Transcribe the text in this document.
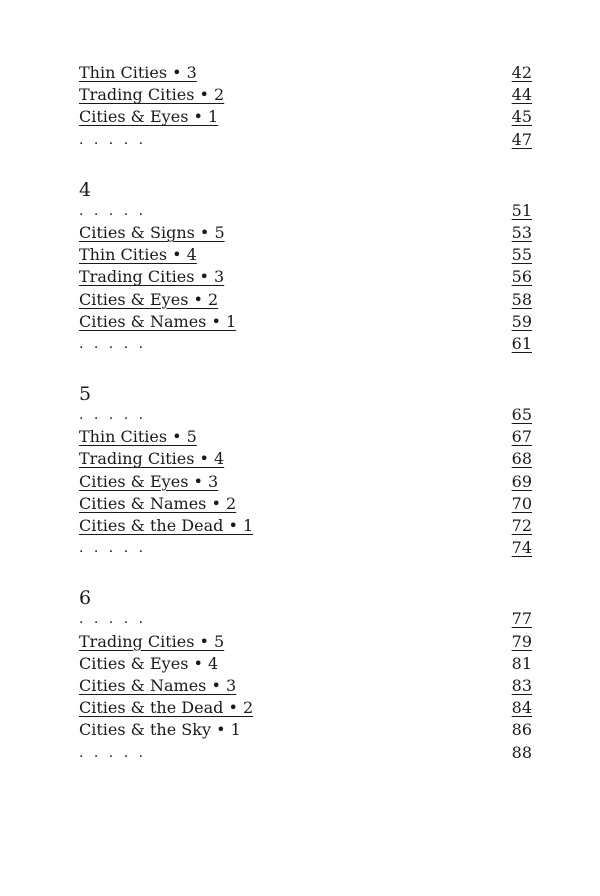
Thin Cities • 3	42
Trading Cities • 2	44
Cities & Eyes • 1	45
. . . . .	47
4
. . . . .	51
Cities & Signs • 5	53
Thin Cities • 4	55
Trading Cities • 3	56
Cities & Eyes • 2	58
Cities & Names • 1	59
. . . . .	61
5
. . . . .	65
Thin Cities • 5	67
Trading Cities • 4	68
Cities & Eyes • 3	69
Cities & Names • 2	70
Cities & the Dead • 1	72
. . . . .	74
6
. . . . .	77
Trading Cities • 5	79
Cities & Eyes • 4	81
Cities & Names • 3	83
Cities & the Dead • 2	84
Cities & the Sky • 1	86
. . . . .	88
